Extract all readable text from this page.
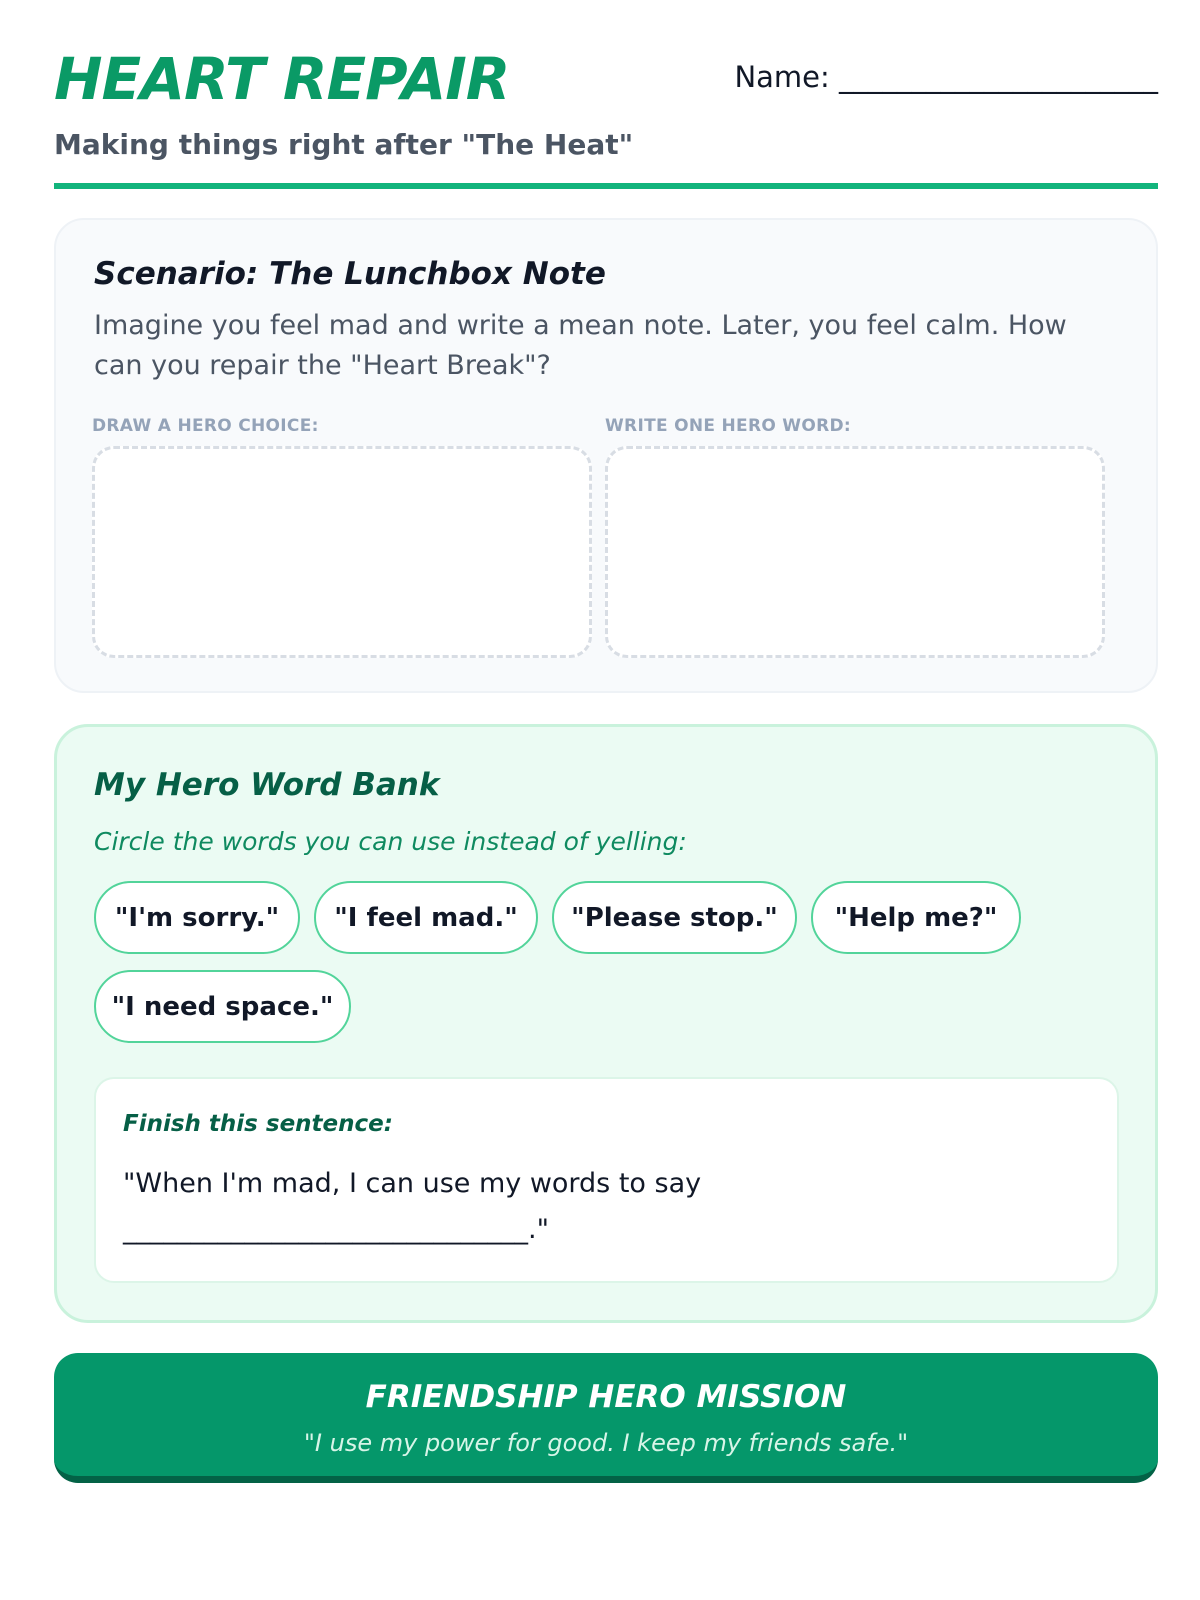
HEART REPAIR

Making things right after "The Heat"

Name: ______________________
Scenario: The Lunchbox Note

Imagine you feel mad and write a mean note. Later, you feel calm. How can you repair the "Heart Break"?

DRAW A HERO CHOICE:	WRITE ONE HERO WORD:

My Hero Word Bank

Circle the words you can use instead of yelling:

"I'm sorry."	"I feel mad."	"Please stop."	"Help me?"
"I need space."

Finish this sentence:

"When I'm mad, I can use my words to say ______________________________."

FRIENDSHIP HERO MISSION

"I use my power for good. I keep my friends safe."
